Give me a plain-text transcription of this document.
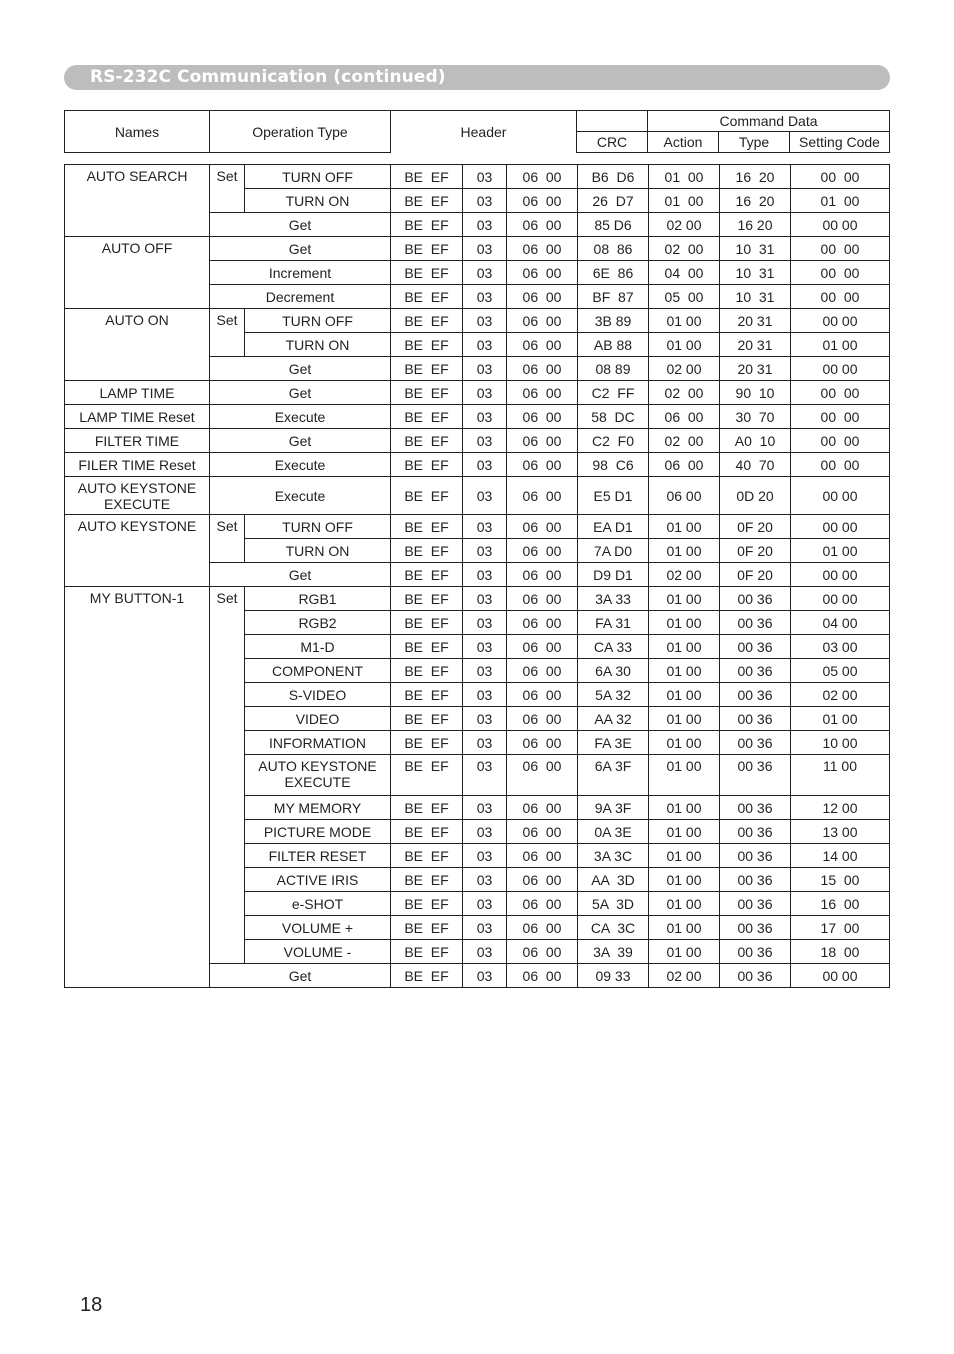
RS-232C Communication (continued)
Names	Operation Type	Header		Command Data		
			CRC	Action	Type	Setting Code
AUTO SEARCH	Set	TURN OFF	BE  EF	03	06  00	B6  D6	01  00	16  20	00  00
		TURN ON	BE  EF	03	06  00	26  D7	01  00	16  20	01  00
	Get		BE  EF	03	06  00	85 D6	02 00	16 20	00 00
AUTO OFF	Get		BE  EF	03	06  00	08  86	02  00	10  31	00  00
	Increment		BE  EF	03	06  00	6E  86	04  00	10  31	00  00
	Decrement		BE  EF	03	06  00	BF  87	05  00	10  31	00  00
AUTO ON	Set	TURN OFF	BE  EF	03	06  00	3B 89	01 00	20 31	00 00
		TURN ON	BE  EF	03	06  00	AB 88	01 00	20 31	01 00
	Get		BE  EF	03	06  00	08 89	02 00	20 31	00 00
LAMP TIME	Get		BE  EF	03	06  00	C2  FF	02  00	90  10	00  00
LAMP TIME Reset	Execute		BE  EF	03	06  00	58  DC	06  00	30  70	00  00
FILTER TIME	Get		BE  EF	03	06  00	C2  F0	02  00	A0  10	00  00
FILER TIME Reset	Execute		BE  EF	03	06  00	98  C6	06  00	40  70	00  00
AUTO KEYSTONE EXECUTE	Execute		BE  EF	03	06  00	E5 D1	06 00	0D 20	00 00
AUTO KEYSTONE	Set	TURN OFF	BE  EF	03	06  00	EA D1	01 00	0F 20	00 00
		TURN ON	BE  EF	03	06  00	7A D0	01 00	0F 20	01 00
	Get		BE  EF	03	06  00	D9 D1	02 00	0F 20	00 00
MY BUTTON-1	Set	RGB1	BE  EF	03	06  00	3A 33	01 00	00 36	00 00
		RGB2	BE  EF	03	06  00	FA 31	01 00	00 36	04 00
		M1-D	BE  EF	03	06  00	CA 33	01 00	00 36	03 00
		COMPONENT	BE  EF	03	06  00	6A 30	01 00	00 36	05 00
		S-VIDEO	BE  EF	03	06  00	5A 32	01 00	00 36	02 00
		VIDEO	BE  EF	03	06  00	AA 32	01 00	00 36	01 00
		INFORMATION	BE  EF	03	06  00	FA 3E	01 00	00 36	10 00
		AUTO KEYSTONE EXECUTE	BE  EF	03	06  00	6A 3F	01 00	00 36	11 00
		MY MEMORY	BE  EF	03	06  00	9A 3F	01 00	00 36	12 00
		PICTURE MODE	BE  EF	03	06  00	0A 3E	01 00	00 36	13 00
		FILTER RESET	BE  EF	03	06  00	3A 3C	01 00	00 36	14 00
		ACTIVE IRIS	BE  EF	03	06  00	AA  3D	01 00	00 36	15  00
		e-SHOT	BE  EF	03	06  00	5A  3D	01 00	00 36	16  00
		VOLUME +	BE  EF	03	06  00	CA  3C	01 00	00 36	17  00
		VOLUME -	BE  EF	03	06  00	3A  39	01 00	00 36	18  00
	Get		BE  EF	03	06  00	09 33	02 00	00 36	00 00
18
